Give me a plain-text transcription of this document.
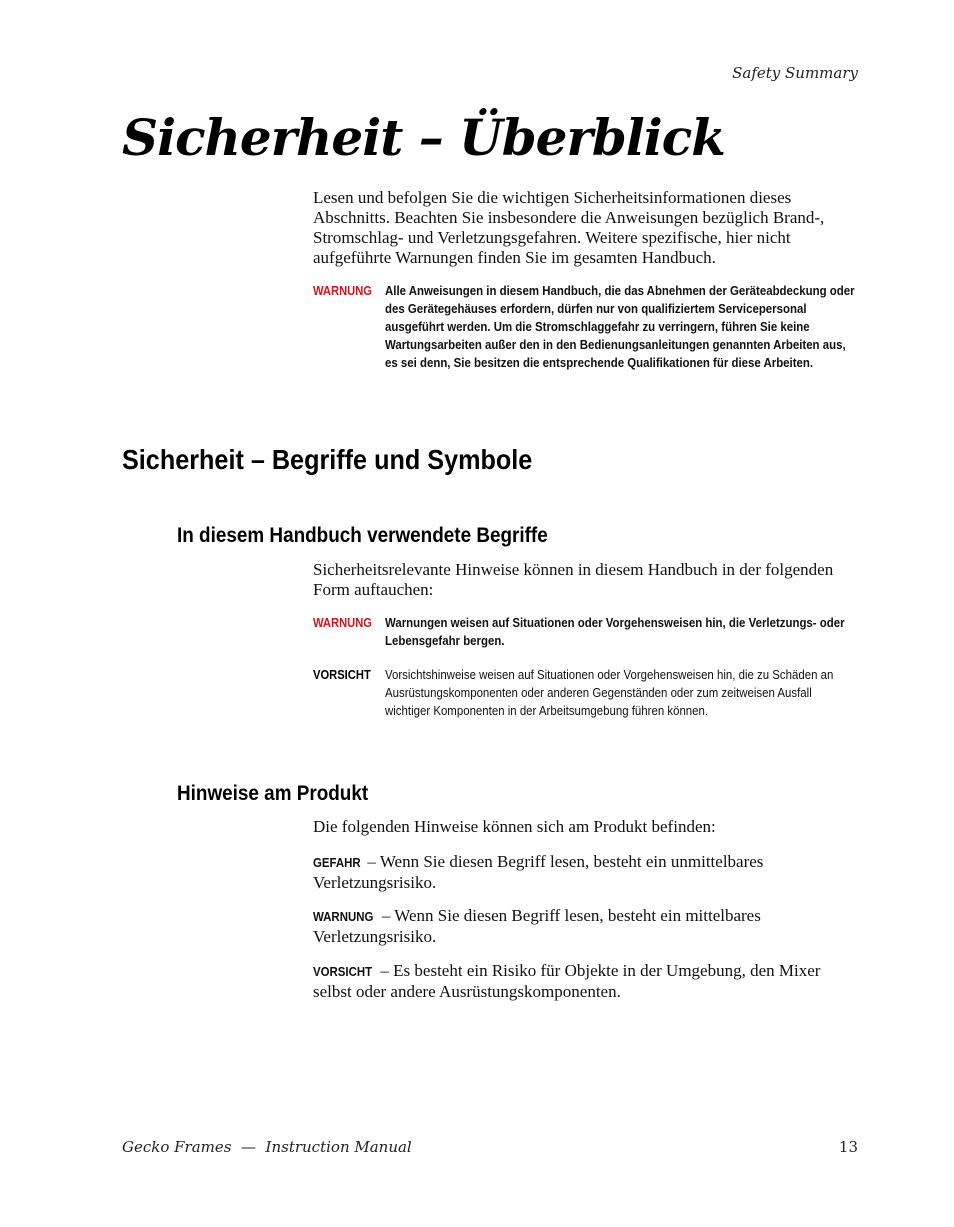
Safety Summary
Sicherheit – Überblick
Lesen und befolgen Sie die wichtigen Sicherheitsinformationen dieses Abschnitts. Beachten Sie insbesondere die Anweisungen bezüglich Brand-, Stromschlag- und Verletzungsgefahren. Weitere spezifische, hier nicht aufgeführte Warnungen finden Sie im gesamten Handbuch.
WARNUNG Alle Anweisungen in diesem Handbuch, die das Abnehmen der Geräteabdeckung oder des Gerätegehäuses erfordern, dürfen nur von qualifiziertem Servicepersonal ausgeführt werden. Um die Stromschlaggefahr zu verringern, führen Sie keine Wartungsarbeiten außer den in den Bedienungsanleitungen genannten Arbeiten aus, es sei denn, Sie besitzen die entsprechende Qualifikationen für diese Arbeiten.
Sicherheit – Begriffe und Symbole
In diesem Handbuch verwendete Begriffe
Sicherheitsrelevante Hinweise können in diesem Handbuch in der folgenden Form auftauchen:
WARNUNG Warnungen weisen auf Situationen oder Vorgehensweisen hin, die Verletzungs- oder Lebensgefahr bergen.
VORSICHT	Vorsichtshinweise weisen auf Situationen oder Vorgehensweisen hin, die zu Schäden an Ausrüstungskomponenten oder anderen Gegenständen oder zum zeitweisen Ausfall wichtiger Komponenten in der Arbeitsumgebung führen können.
Hinweise am Produkt
Die folgenden Hinweise können sich am Produkt befinden:
GEFAHR – Wenn Sie diesen Begriff lesen, besteht ein unmittelbares Verletzungsrisiko.
WARNUNG – Wenn Sie diesen Begriff lesen, besteht ein mittelbares Verletzungsrisiko.
VORSICHT – Es besteht ein Risiko für Objekte in der Umgebung, den Mixer selbst oder andere Ausrüstungskomponenten.
Gecko Frames  —  Instruction Manual	13
